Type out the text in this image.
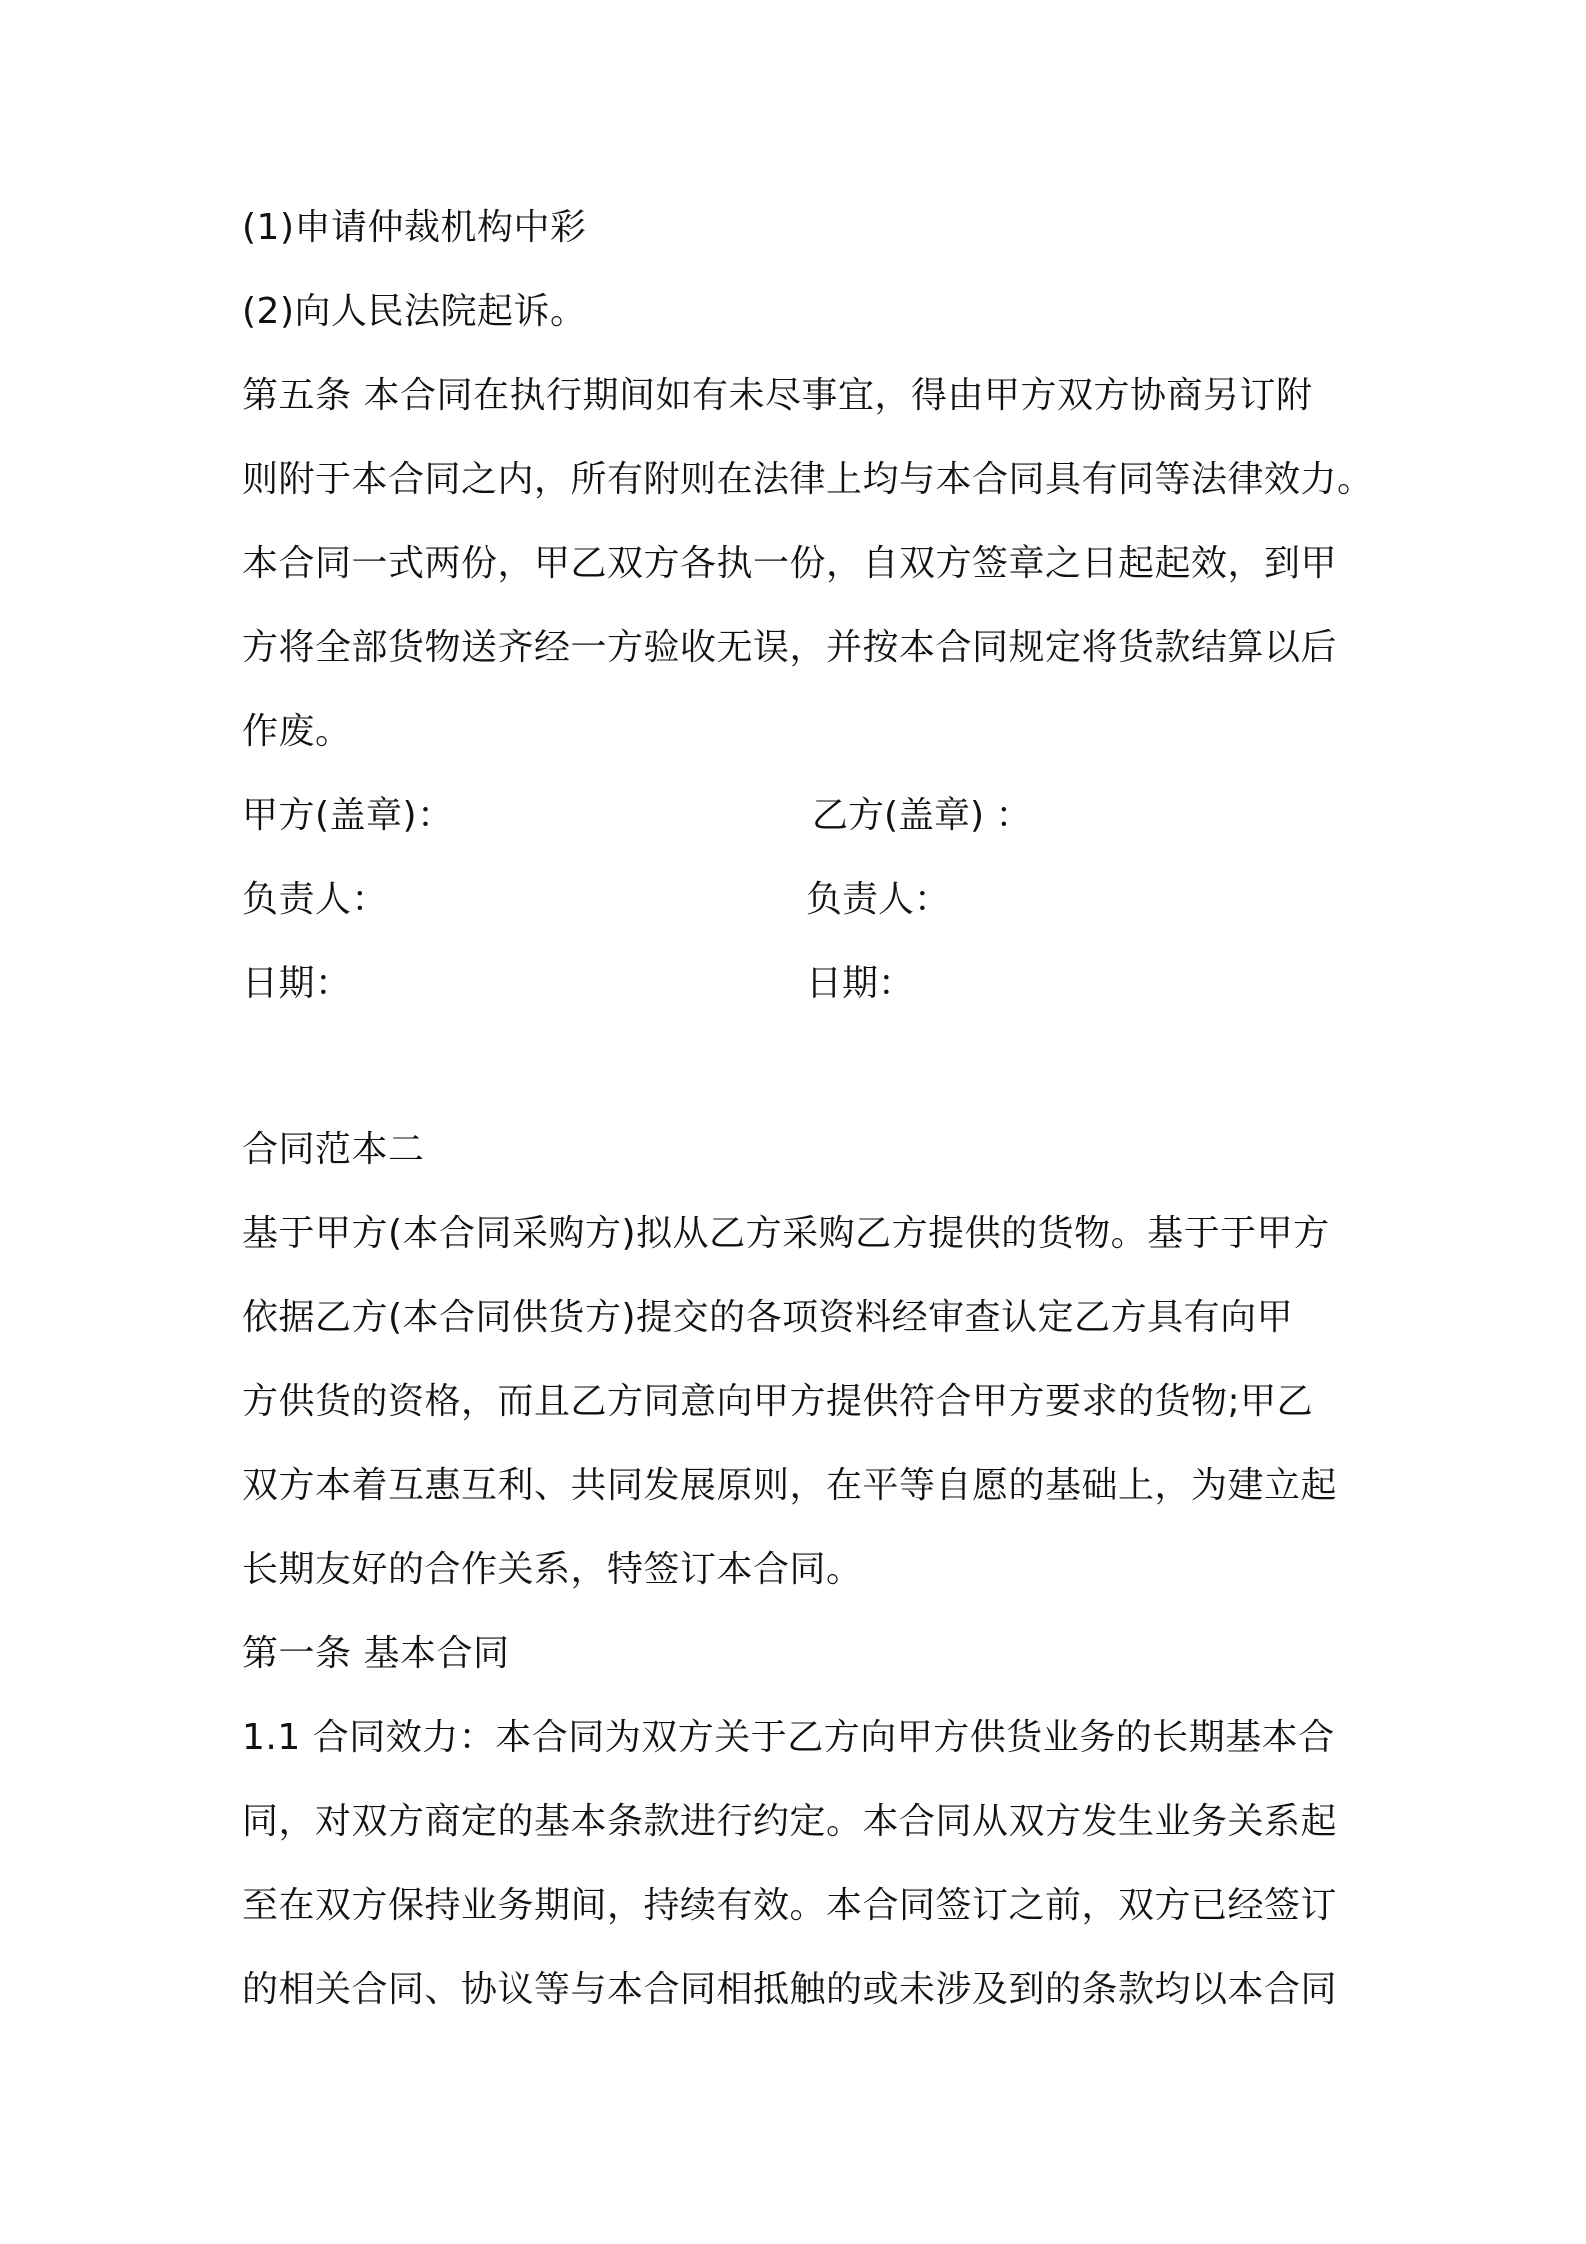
(1)申请仲裁机构中彩
(2)向人民法院起诉。
第五条 本合同在执行期间如有未尽事宜，得由甲方双方协商另订附
则附于本合同之内，所有附则在法律上均与本合同具有同等法律效力。
本合同一式两份，甲乙双方各执一份，自双方签章之日起起效，到甲
方将全部货物送齐经一方验收无误，并按本合同规定将货款结算以后
作废。
甲方(盖章)：	乙方(盖章) ：
负责人：	负责人：
日期：	日期：
合同范本二
基于甲方(本合同采购方)拟从乙方采购乙方提供的货物。基于于甲方
依据乙方(本合同供货方)提交的各项资料经审查认定乙方具有向甲
方供货的资格，而且乙方同意向甲方提供符合甲方要求的货物;甲乙
双方本着互惠互利、共同发展原则，在平等自愿的基础上，为建立起
长期友好的合作关系，特签订本合同。
第一条 基本合同
1.1 合同效力：本合同为双方关于乙方向甲方供货业务的长期基本合
同，对双方商定的基本条款进行约定。本合同从双方发生业务关系起
至在双方保持业务期间，持续有效。本合同签订之前，双方已经签订
的相关合同、协议等与本合同相抵触的或未涉及到的条款均以本合同
